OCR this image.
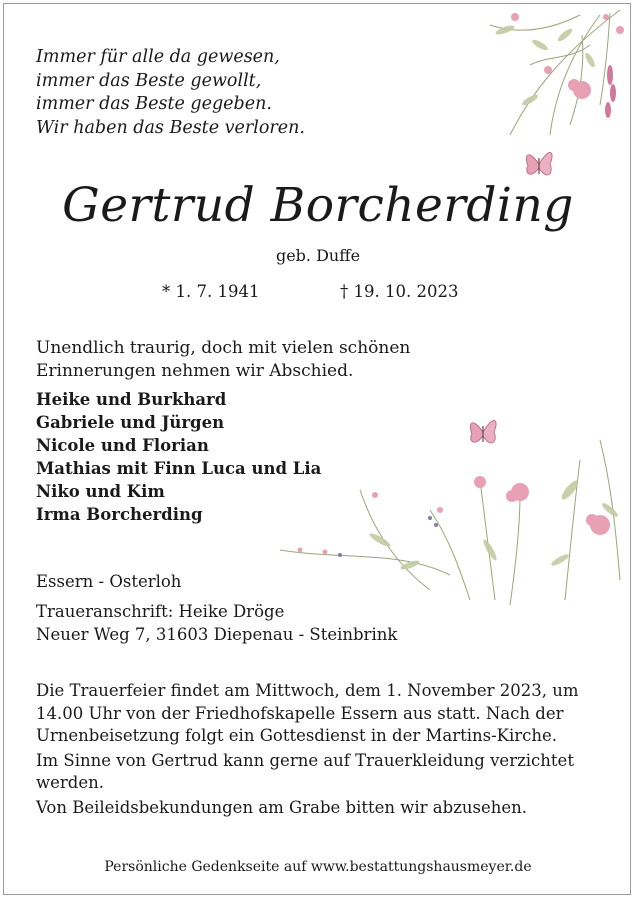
Immer für alle da gewesen,
immer das Beste gewollt,
immer das Beste gegeben.
Wir haben das Beste verloren.
Gertrud Borcherding
geb. Duffe
* 1. 7. 1941	† 19. 10. 2023
Unendlich traurig, doch mit vielen schönen
Erinnerungen nehmen wir Abschied.
Heike und Burkhard
Gabriele und Jürgen
Nicole und Florian
Mathias mit Finn Luca und Lia
Niko und Kim
Irma Borcherding
Essern - Osterloh
Traueranschrift: Heike Dröge
Neuer Weg 7, 31603 Diepenau - Steinbrink

Die Trauerfeier findet am Mittwoch, dem 1. November 2023, um 14.00 Uhr von der Friedhofskapelle Essern aus statt. Nach der Urnenbeisetzung folgt ein Gottesdienst in der Martins-Kirche.

Im Sinne von Gertrud kann gerne auf Trauerkleidung verzichtet werden.

Von Beileidsbekundungen am Grabe bitten wir abzusehen.

Persönliche Gedenkseite auf www.bestattungshausmeyer.de
